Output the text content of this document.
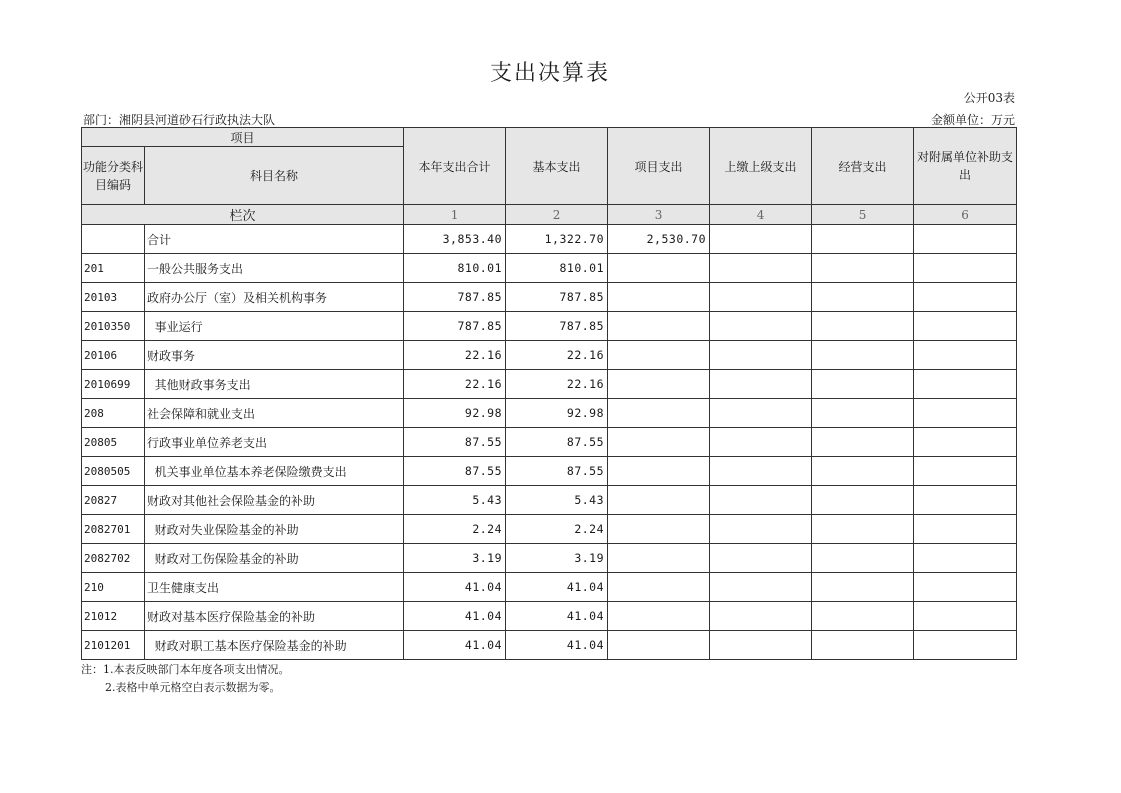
支出决算表
公开03表
部门：湘阴县河道砂石行政执法大队	金额单位：万元
项目		本年支出合计	基本支出	项目支出	上缴上级支出	经营支出	对附属单位补助支出
功能分类科目编码	科目名称						
栏次		1	2	3	4	5	6
	合计	3,853.40	1,322.70	2,530.70			
201	一般公共服务支出	810.01	810.01				
20103	政府办公厅（室）及相关机构事务	787.85	787.85				
2010350	事业运行	787.85	787.85				
20106	财政事务	22.16	22.16				
2010699	其他财政事务支出	22.16	22.16				
208	社会保障和就业支出	92.98	92.98				
20805	行政事业单位养老支出	87.55	87.55				
2080505	机关事业单位基本养老保险缴费支出	87.55	87.55				
20827	财政对其他社会保险基金的补助	5.43	5.43				
2082701	财政对失业保险基金的补助	2.24	2.24				
2082702	财政对工伤保险基金的补助	3.19	3.19				
210	卫生健康支出	41.04	41.04				
21012	财政对基本医疗保险基金的补助	41.04	41.04				
2101201	财政对职工基本医疗保险基金的补助	41.04	41.04				
注：1.本表反映部门本年度各项支出情况。
2.表格中单元格空白表示数据为零。
